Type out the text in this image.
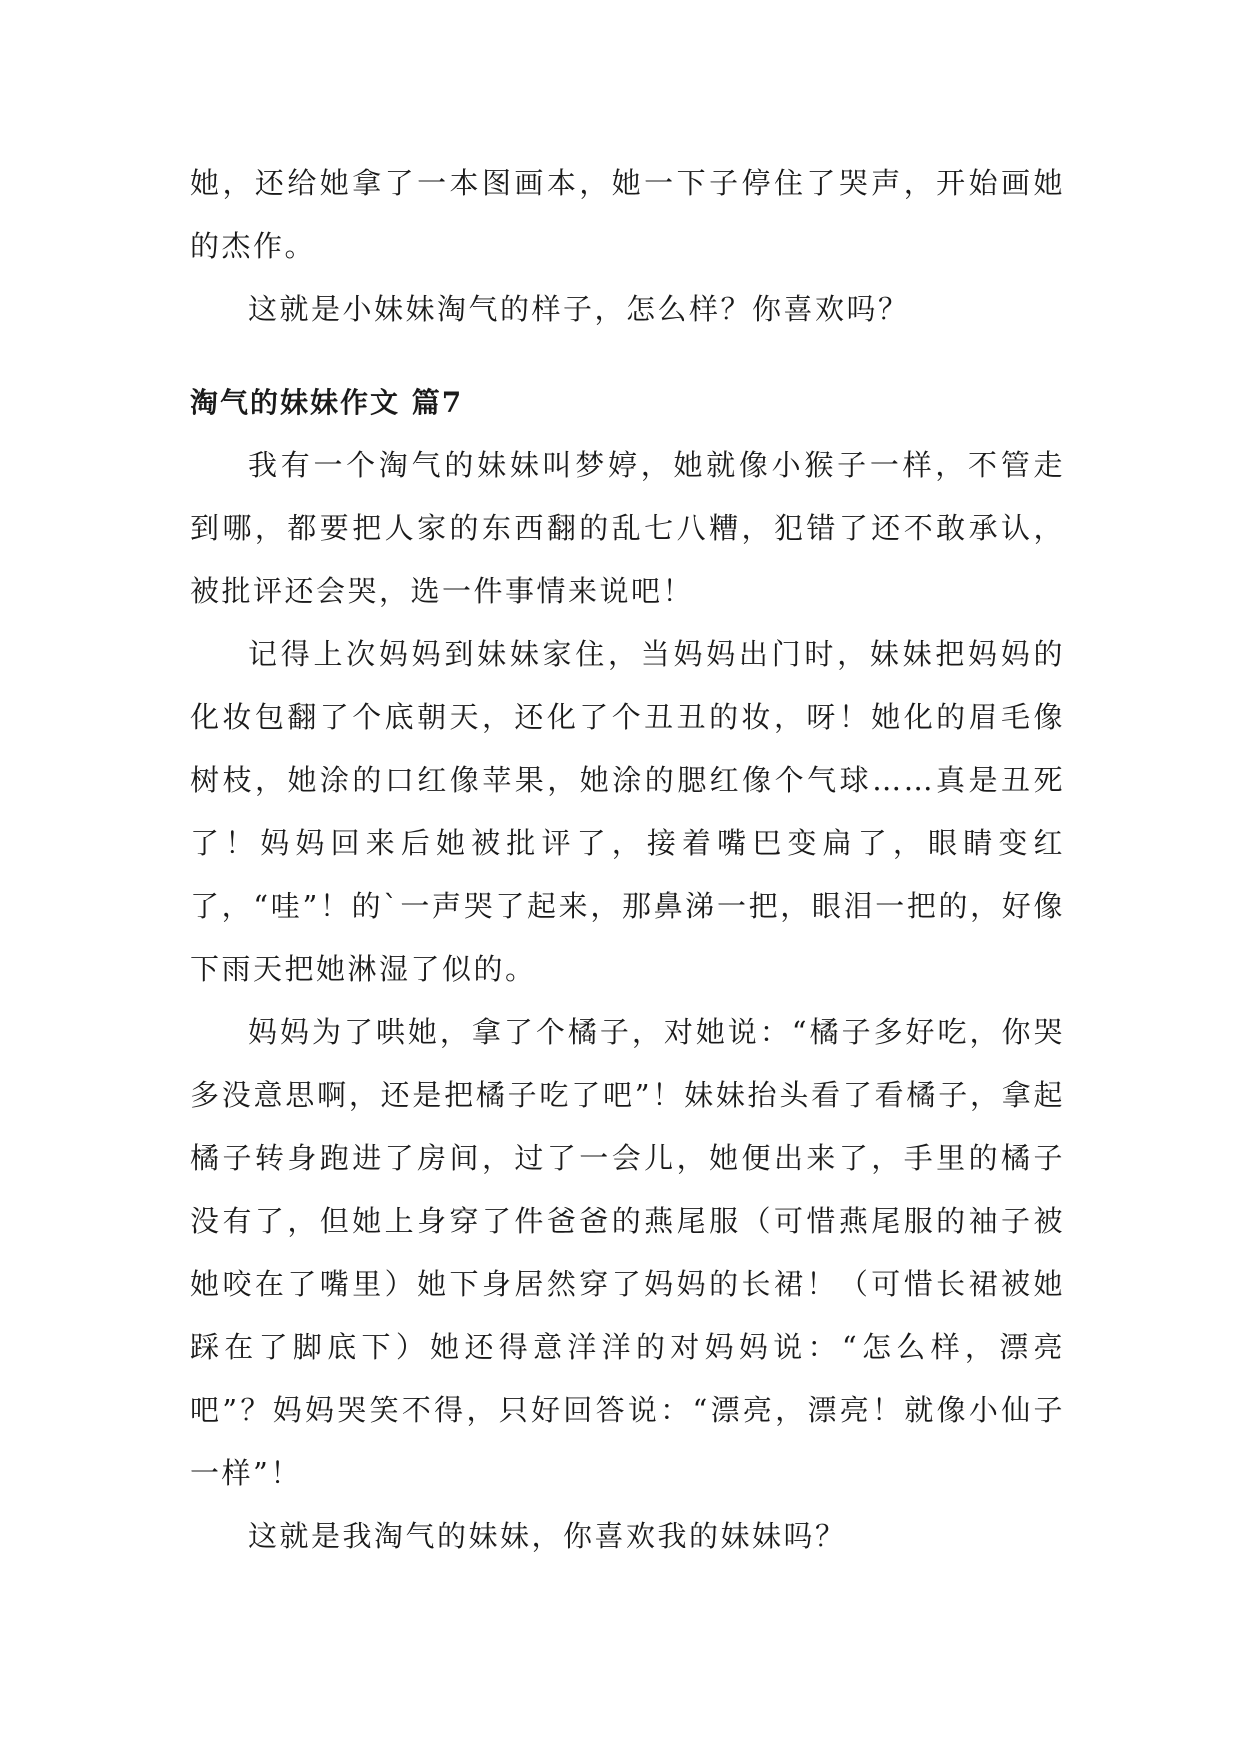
她，还给她拿了一本图画本，她一下子停住了哭声，开始画她的杰作。

这就是小妹妹淘气的样子，怎么样？你喜欢吗？

淘气的妹妹作文 篇7

我有一个淘气的妹妹叫梦婷，她就像小猴子一样，不管走到哪，都要把人家的东西翻的乱七八糟，犯错了还不敢承认，被批评还会哭，选一件事情来说吧！

记得上次妈妈到妹妹家住，当妈妈出门时，妹妹把妈妈的化妆包翻了个底朝天，还化了个丑丑的妆，呀！她化的眉毛像树枝，她涂的口红像苹果，她涂的腮红像个气球……真是丑死了！妈妈回来后她被批评了，接着嘴巴变扁了，眼睛变红了，“哇”！的`一声哭了起来，那鼻涕一把，眼泪一把的，好像下雨天把她淋湿了似的。

妈妈为了哄她，拿了个橘子，对她说：“橘子多好吃，你哭多没意思啊，还是把橘子吃了吧”！妹妹抬头看了看橘子，拿起橘子转身跑进了房间，过了一会儿，她便出来了，手里的橘子没有了，但她上身穿了件爸爸的燕尾服（可惜燕尾服的袖子被她咬在了嘴里）她下身居然穿了妈妈的长裙！（可惜长裙被她踩在了脚底下）她还得意洋洋的对妈妈说：“怎么样，漂亮吧”？妈妈哭笑不得，只好回答说：“漂亮，漂亮！就像小仙子一样”！

这就是我淘气的妹妹，你喜欢我的妹妹吗？
